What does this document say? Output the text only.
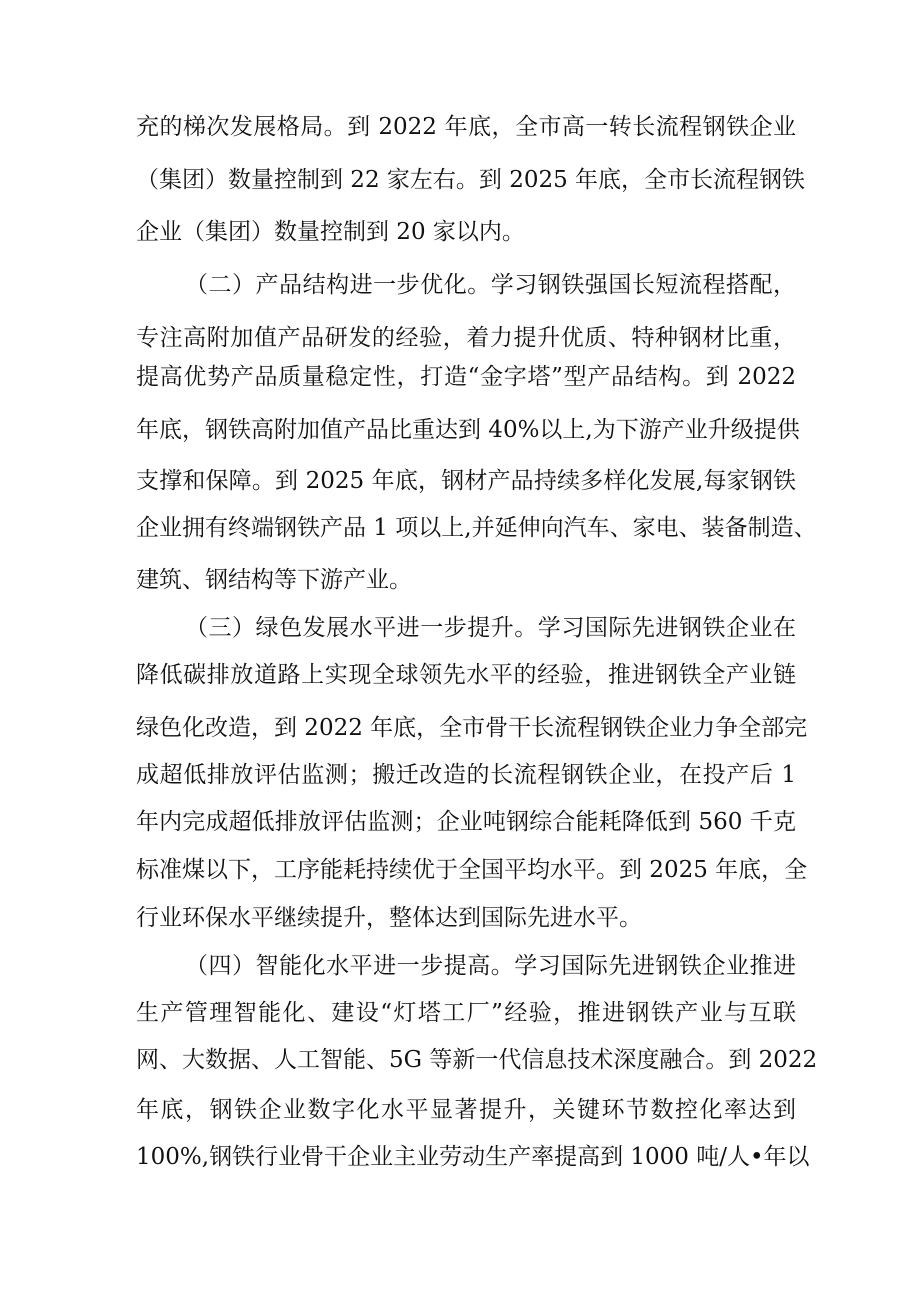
充的梯次发展格局。到 2022 年底，全市高一转长流程钢铁企业
（集团）数量控制到 22 家左右。到 2025 年底，全市长流程钢铁
企业（集团）数量控制到 20 家以内。
（二）产品结构进一步优化。学习钢铁强国长短流程搭配，
专注高附加值产品研发的经验，着力提升优质、特种钢材比重，
提高优势产品质量稳定性，打造“金字塔”型产品结构。到 2022
年底，钢铁高附加值产品比重达到 40%以上,为下游产业升级提供
支撑和保障。到 2025 年底，钢材产品持续多样化发展,每家钢铁
企业拥有终端钢铁产品 1 项以上,并延伸向汽车、家电、装备制造、
建筑、钢结构等下游产业。
（三）绿色发展水平进一步提升。学习国际先进钢铁企业在
降低碳排放道路上实现全球领先水平的经验，推进钢铁全产业链
绿色化改造，到 2022 年底，全市骨干长流程钢铁企业力争全部完
成超低排放评估监测；搬迁改造的长流程钢铁企业，在投产后 1
年内完成超低排放评估监测；企业吨钢综合能耗降低到 560 千克
标准煤以下，工序能耗持续优于全国平均水平。到 2025 年底，全
行业环保水平继续提升，整体达到国际先进水平。
（四）智能化水平进一步提高。学习国际先进钢铁企业推进
生产管理智能化、建设“灯塔工厂”经验，推进钢铁产业与互联
网、大数据、人工智能、5G 等新一代信息技术深度融合。到 2022
年底，钢铁企业数字化水平显著提升，关键环节数控化率达到
100%,钢铁行业骨干企业主业劳动生产率提高到 1000 吨/人•年以
